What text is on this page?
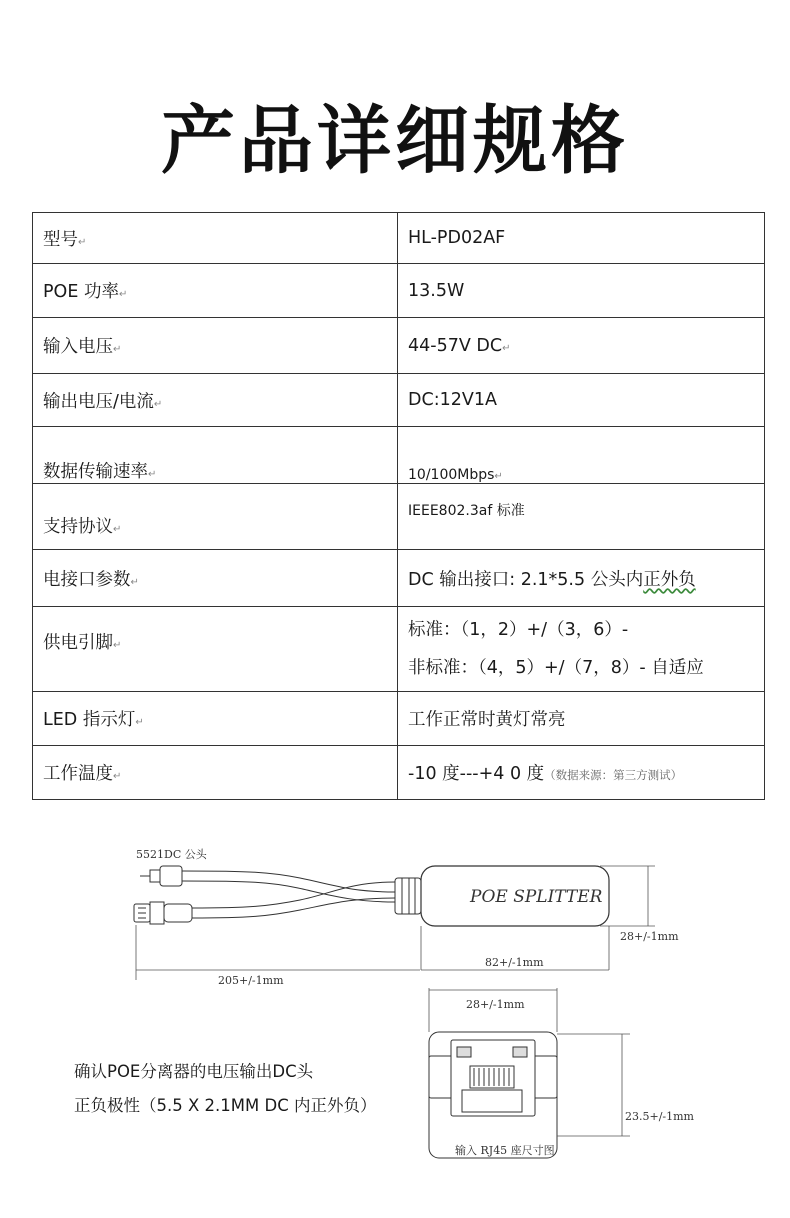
产品详细规格
型号↵	HL-PD02AF
POE 功率↵	13.5W
输入电压↵	44-57V DC↵
输出电压/电流↵	DC:12V1A
数据传输速率↵	10/100Mbps↵
支持协议↵	IEEE802.3af 标准
电接口参数↵	DC 输出接口: 2.1*5.5 公头内正外负
供电引脚↵	标准：（1，2）+/（3，6）-
非标准：（4，5）+/（7，8）- 自适应

LED 指示灯↵	工作正常时黄灯常亮
工作温度↵	-10 度---+4 0 度（数据来源：第三方测试）
5521DC 公头
POE SPLITTER
205+/-1mm
82+/-1mm
28+/-1mm
28+/-1mm
23.5+/-1mm
输入 RJ45 座尺寸图
确认POE分离器的电压输出DC头
正负极性（5.5 X 2.1MM DC 内正外负）
